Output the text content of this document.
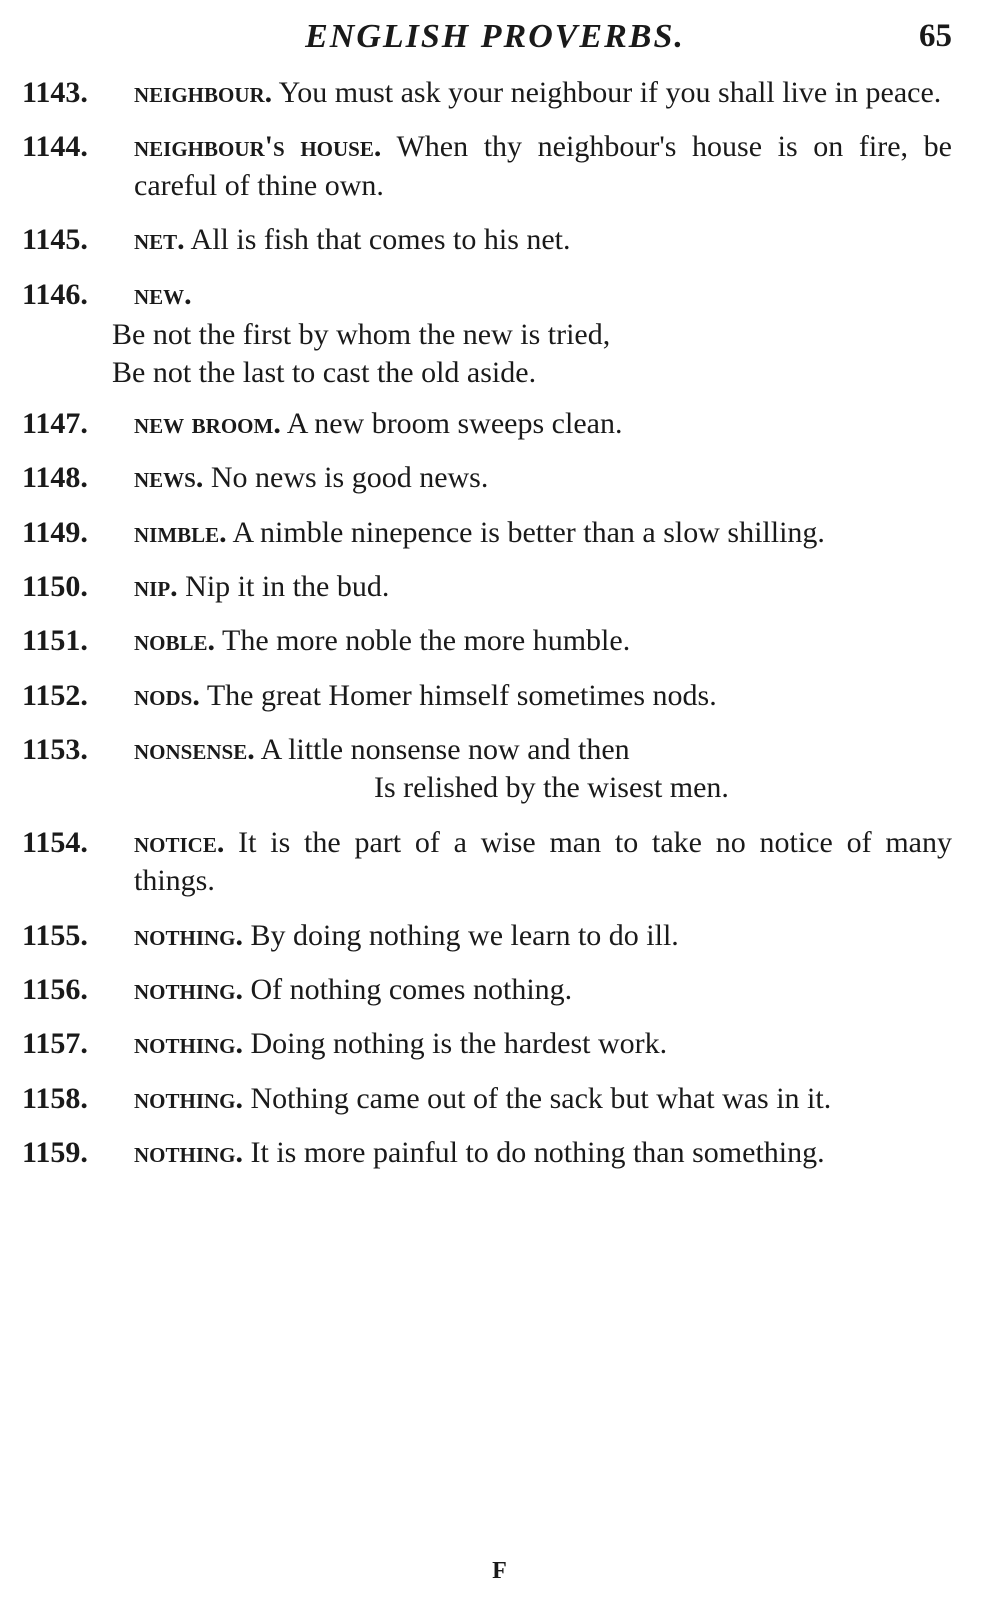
ENGLISH PROVERBS.	65
1143.	neighbour. You must ask your neighbour if you shall live in peace.
1144.	neighbour's house. When thy neighbour's house is on fire, be careful of thine own.
1145.	net. All is fish that comes to his net.
1146.	new.
Be not the first by whom the new is tried,
Be not the last to cast the old aside.
1147.	new broom. A new broom sweeps clean.
1148.	news. No news is good news.
1149.	nimble. A nimble ninepence is better than a slow shilling.
1150.	nip. Nip it in the bud.
1151.	noble. The more noble the more humble.
1152.	nods. The great Homer himself sometimes nods.
1153.	nonsense. A little nonsense now and then
Is relished by the wisest men.
1154.	notice. It is the part of a wise man to take no notice of many things.
1155.	nothing. By doing nothing we learn to do ill.
1156.	nothing. Of nothing comes nothing.
1157.	nothing. Doing nothing is the hardest work.
1158.	nothing. Nothing came out of the sack but what was in it.
1159.	nothing. It is more painful to do nothing than something.
F
